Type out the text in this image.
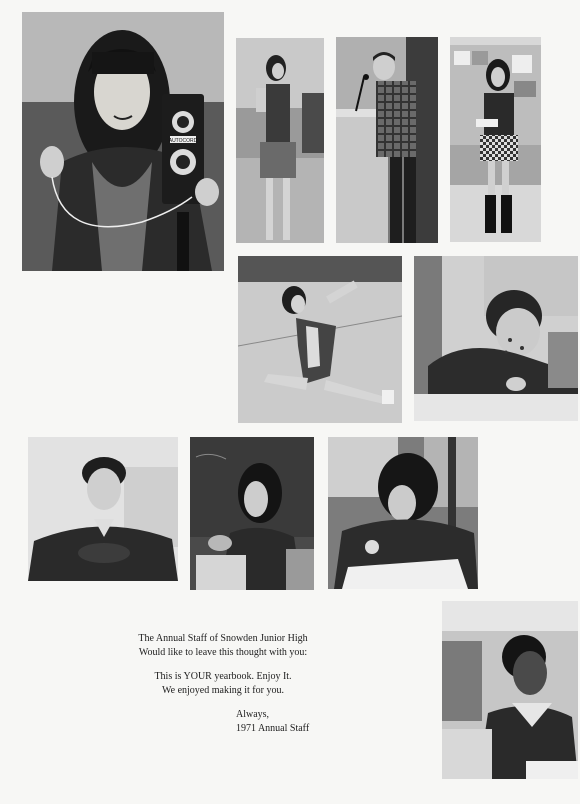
AUTOCORD
The Annual Staff of Snowden Junior High
Would like to leave this thought with you:
This is YOUR yearbook. Enjoy It.
We enjoyed making it for you.
Always,
1971 Annual Staff
